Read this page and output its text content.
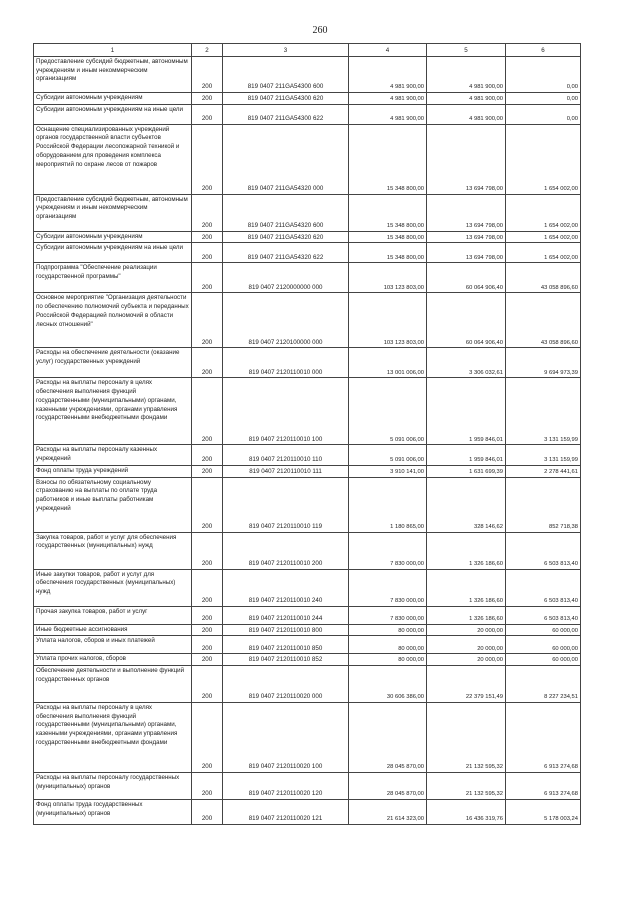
260
1	2	3	4	5	6
Предоставление субсидий бюджетным, автономным учреждениям и иным некоммерческим организациям	200	819 0407 211GA54300 600	4 981 900,00	4 981 900,00	0,00
Субсидии автономным учреждениям	200	819 0407 211GA54300 620	4 981 900,00	4 981 900,00	0,00
Субсидии автономным учреждениям на иные цели	200	819 0407 211GA54300 622	4 981 900,00	4 981 900,00	0,00
Оснащение специализированных учреждений органов государственной власти субъектов Российской Федерации лесопожарной техникой и оборудованием для проведения комплекса мероприятий по охране лесов от пожаров	200	819 0407 211GA54320 000	15 348 800,00	13 694 798,00	1 654 002,00
Предоставление субсидий бюджетным, автономным учреждениям и иным некоммерческим организациям	200	819 0407 211GA54320 600	15 348 800,00	13 694 798,00	1 654 002,00
Субсидии автономным учреждениям	200	819 0407 211GA54320 620	15 348 800,00	13 694 798,00	1 654 002,00
Субсидии автономным учреждениям на иные цели	200	819 0407 211GA54320 622	15 348 800,00	13 694 798,00	1 654 002,00
Подпрограмма "Обеспечение реализации государственной программы"	200	819 0407 2120000000 000	103 123 803,00	60 064 906,40	43 058 896,60
Основное мероприятие "Организация деятельности по обеспечению полномочий субъекта и переданных Российской Федерацией полномочий в области лесных отношений"	200	819 0407 2120100000 000	103 123 803,00	60 064 906,40	43 058 896,60
Расходы на обеспечение деятельности (оказание услуг) государственных учреждений	200	819 0407 2120110010 000	13 001 006,00	3 306 032,61	9 694 973,39
Расходы на выплаты персоналу в целях обеспечения выполнения функций государственными (муниципальными) органами, казенными учреждениями, органами управления государственными внебюджетными фондами	200	819 0407 2120110010 100	5 091 006,00	1 959 846,01	3 131 159,99
Расходы на выплаты персоналу казенных учреждений	200	819 0407 2120110010 110	5 091 006,00	1 959 846,01	3 131 159,99
Фонд оплаты труда учреждений	200	819 0407 2120110010 111	3 910 141,00	1 631 699,39	2 278 441,61
Взносы по обязательному социальному страхованию на выплаты по оплате труда работников и иные выплаты работникам учреждений	200	819 0407 2120110010 119	1 180 865,00	328 146,62	852 718,38
Закупка товаров, работ и услуг для обеспечения государственных (муниципальных) нужд	200	819 0407 2120110010 200	7 830 000,00	1 326 186,60	6 503 813,40
Иные закупки товаров, работ и услуг для обеспечения государственных (муниципальных) нужд	200	819 0407 2120110010 240	7 830 000,00	1 326 186,60	6 503 813,40
Прочая закупка товаров, работ и услуг	200	819 0407 2120110010 244	7 830 000,00	1 326 186,60	6 503 813,40
Иные бюджетные ассигнования	200	819 0407 2120110010 800	80 000,00	20 000,00	60 000,00
Уплата налогов, сборов и иных платежей	200	819 0407 2120110010 850	80 000,00	20 000,00	60 000,00
Уплата прочих налогов, сборов	200	819 0407 2120110010 852	80 000,00	20 000,00	60 000,00
Обеспечение деятельности и выполнение функций государственных органов	200	819 0407 2120110020 000	30 606 386,00	22 379 151,49	8 227 234,51
Расходы на выплаты персоналу в целях обеспечения выполнения функций государственными (муниципальными) органами, казенными учреждениями, органами управления государственными внебюджетными фондами	200	819 0407 2120110020 100	28 045 870,00	21 132 595,32	6 913 274,68
Расходы на выплаты персоналу государственных (муниципальных) органов	200	819 0407 2120110020 120	28 045 870,00	21 132 595,32	6 913 274,68
Фонд оплаты труда государственных (муниципальных) органов	200	819 0407 2120110020 121	21 614 323,00	16 436 319,76	5 178 003,24
